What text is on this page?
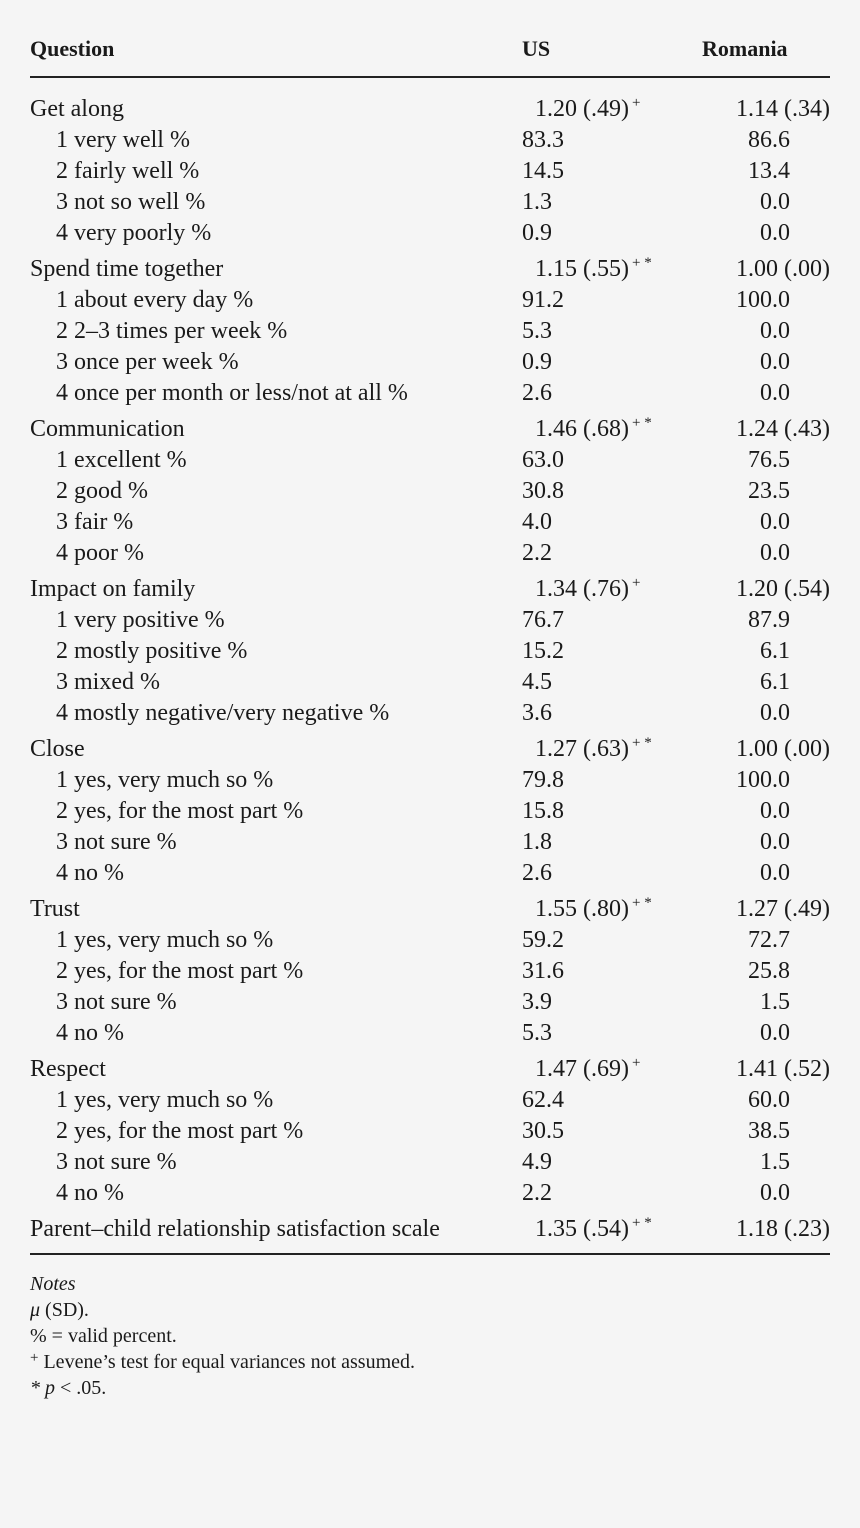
Question	US	Romania
Get along	1.20 (.49) +	1.14 (.34)
1 very well %	83.3	86.6
2 fairly well %	14.5	13.4
3 not so well %	1.3	0.0
4 very poorly %	0.9	0.0
Spend time together	1.15 (.55) + *	1.00 (.00)
1 about every day %	91.2	100.0
2 2–3 times per week %	5.3	0.0
3 once per week %	0.9	0.0
4 once per month or less/not at all %	2.6	0.0
Communication	1.46 (.68) + *	1.24 (.43)
1 excellent %	63.0	76.5
2 good %	30.8	23.5
3 fair %	4.0	0.0
4 poor %	2.2	0.0
Impact on family	1.34 (.76) +	1.20 (.54)
1 very positive %	76.7	87.9
2 mostly positive %	15.2	6.1
3 mixed %	4.5	6.1
4 mostly negative/very negative %	3.6	0.0
Close	1.27 (.63) + *	1.00 (.00)
1 yes, very much so %	79.8	100.0
2 yes, for the most part %	15.8	0.0
3 not sure %	1.8	0.0
4 no %	2.6	0.0
Trust	1.55 (.80) + *	1.27 (.49)
1 yes, very much so %	59.2	72.7
2 yes, for the most part %	31.6	25.8
3 not sure %	3.9	1.5
4 no %	5.3	0.0
Respect	1.47 (.69) +	1.41 (.52)
1 yes, very much so %	62.4	60.0
2 yes, for the most part %	30.5	38.5
3 not sure %	4.9	1.5
4 no %	2.2	0.0
Parent–child relationship satisfaction scale	1.35 (.54) + *	1.18 (.23)
Notes
μ (SD).
% = valid percent.
+ Levene’s test for equal variances not assumed.
* p < .05.
